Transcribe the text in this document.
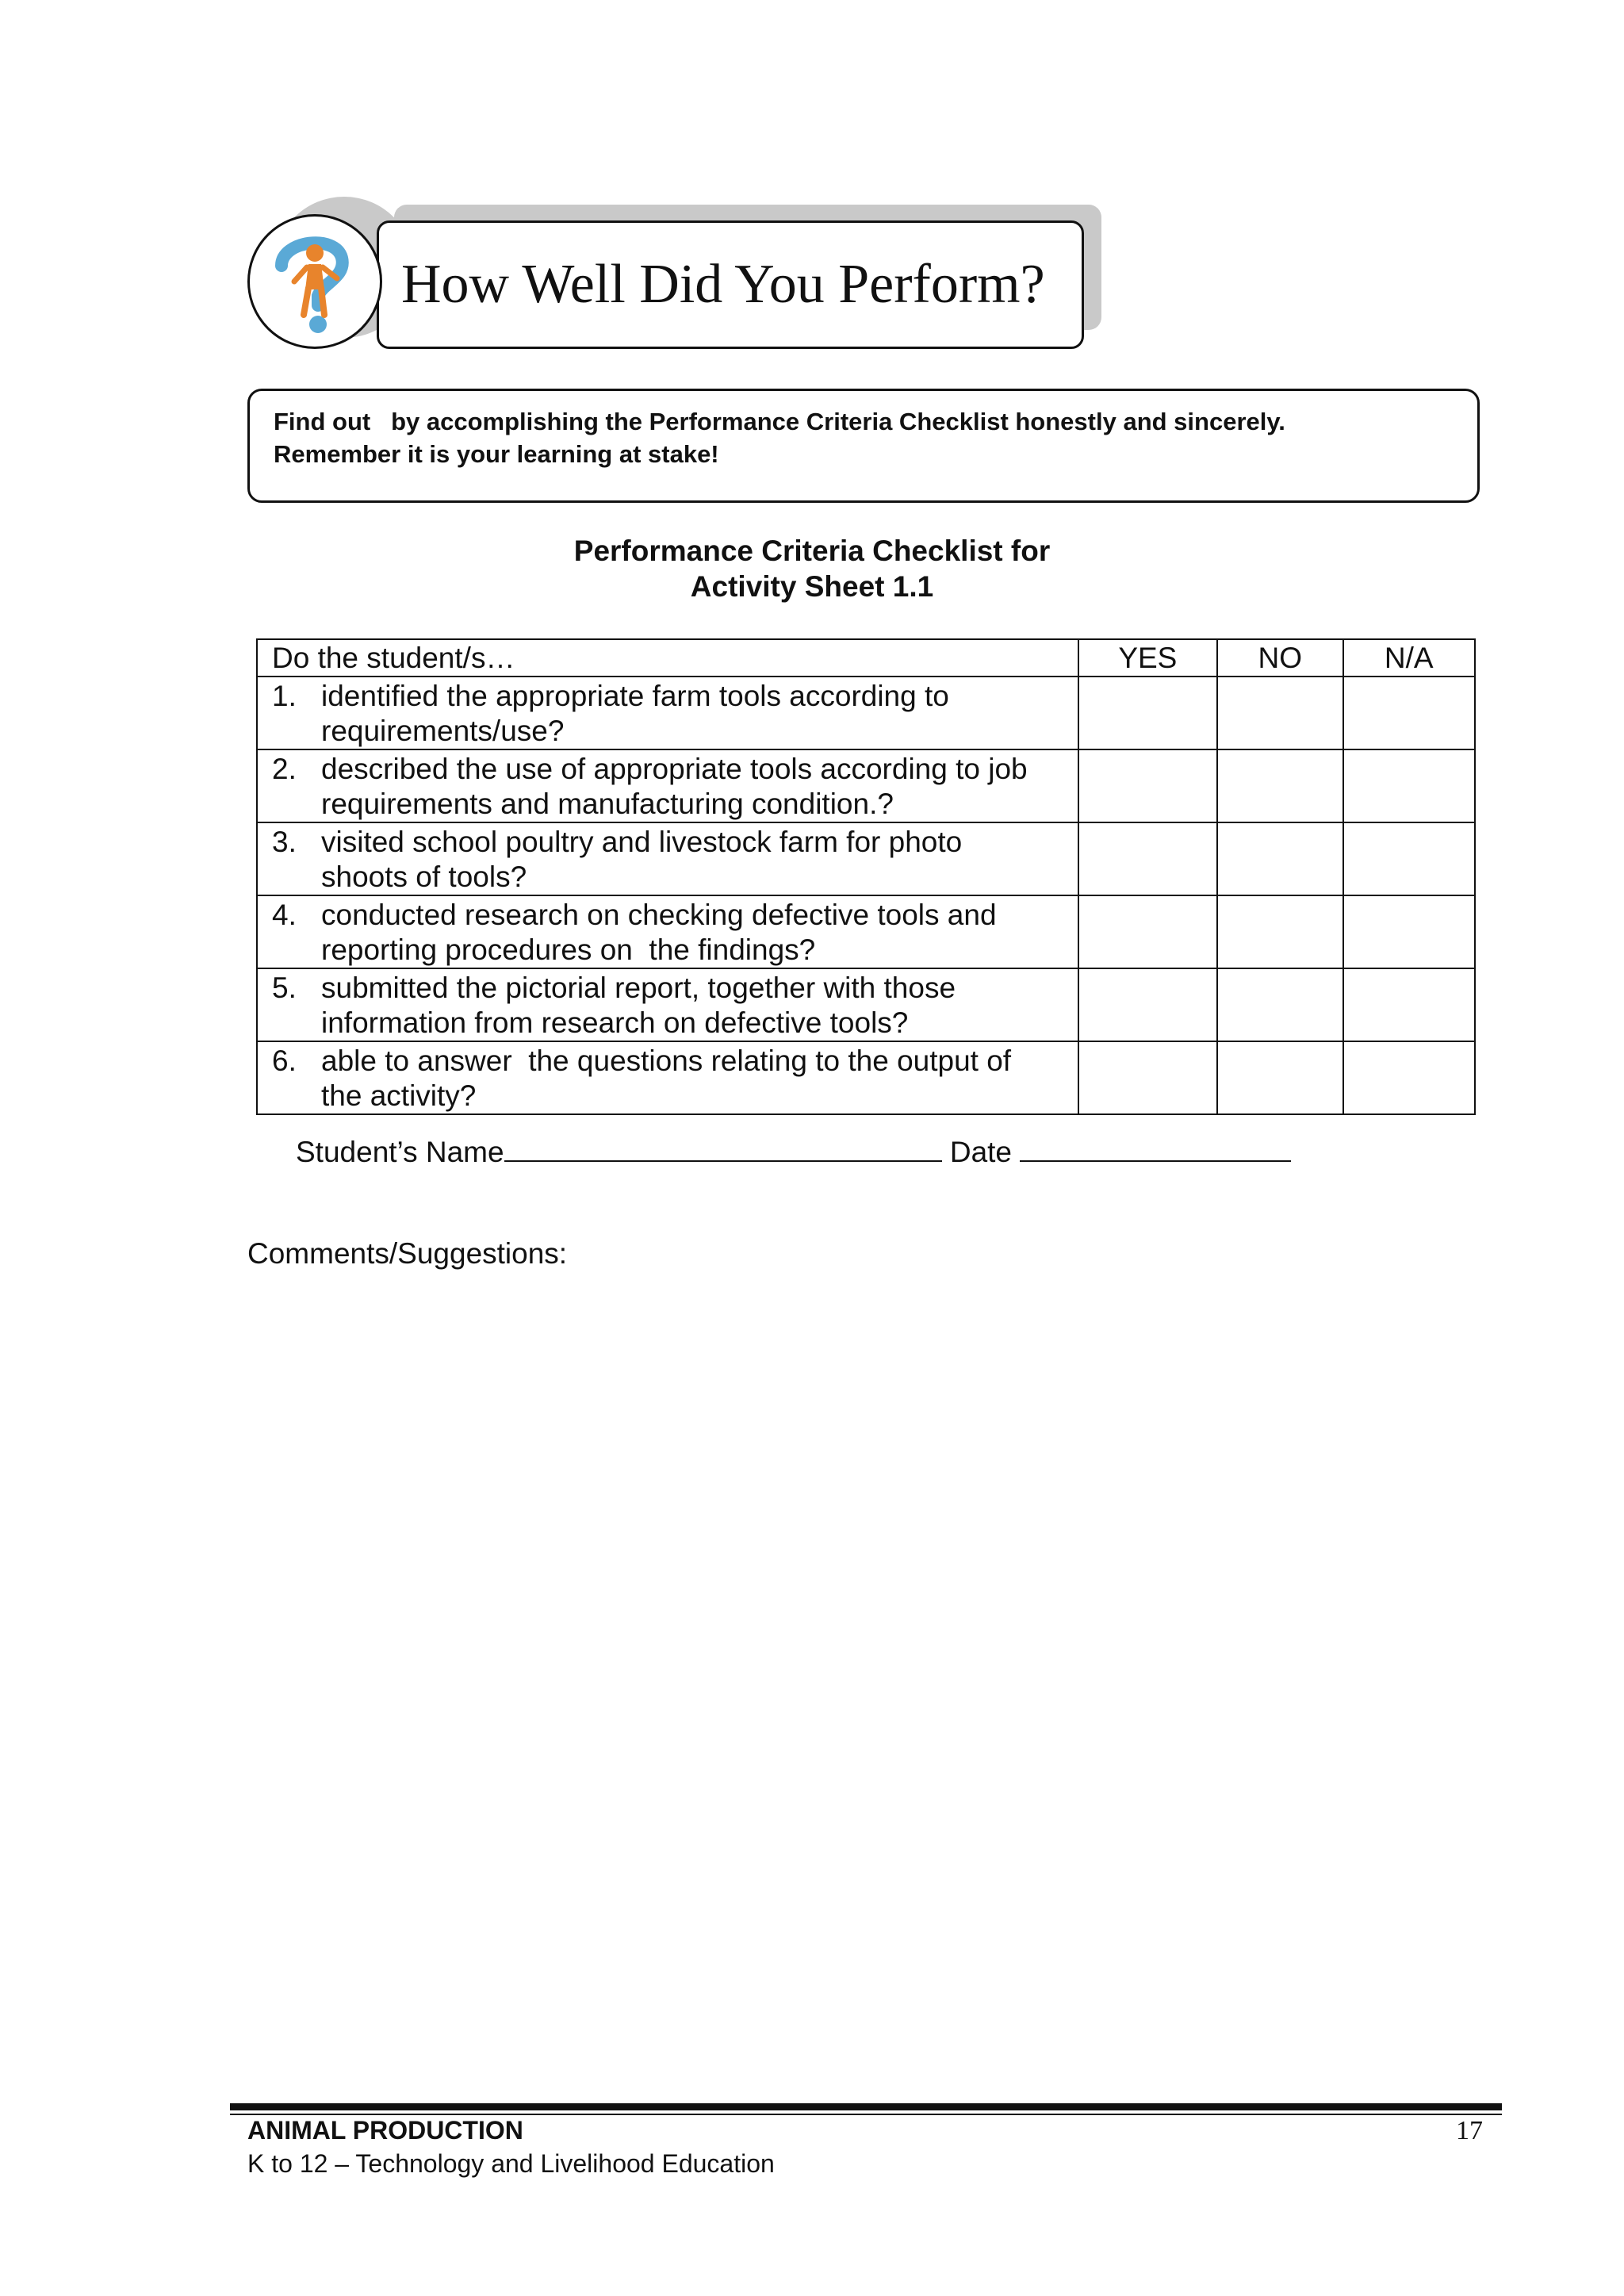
How Well Did You Perform?
Find out   by accomplishing the Performance Criteria Checklist honestly and sincerely.
Remember it is your learning at stake!
Performance Criteria Checklist for
Activity Sheet 1.1
Do the student/s…	YES	NO	N/A

1. identified the appropriate farm tools according to
requirements/use?			

2. described the use of appropriate tools according to job
requirements and manufacturing condition.?			

3. visited school poultry and livestock farm for photo
shoots of tools?			

4. conducted research on checking defective tools and
reporting procedures on  the findings?			

5. submitted the pictorial report, together with those
information from research on defective tools?			

6. able to answer  the questions relating to the output of
the activity?			

Student’s Name	Date
Comments/Suggestions:
ANIMAL PRODUCTION
K to 12 – Technology and Livelihood Education
17
